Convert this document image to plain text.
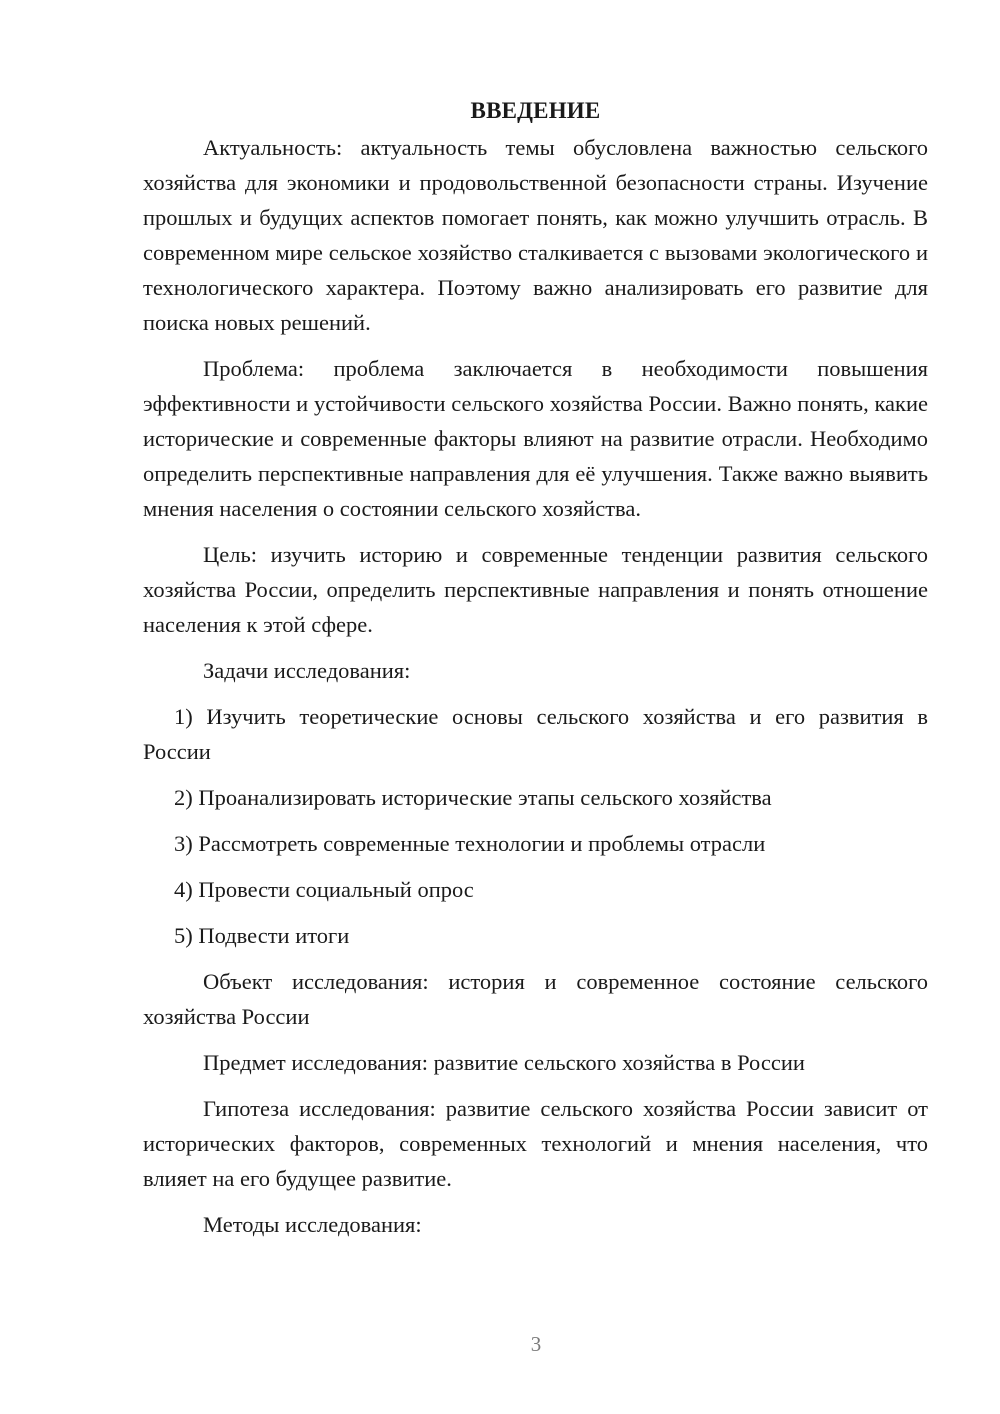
ВВЕДЕНИЕ

Актуальность: актуальность темы обусловлена важностью сельского хозяйства для экономики и продовольственной безопасности страны. Изучение прошлых и будущих аспектов помогает понять, как можно улучшить отрасль. В современном мире сельское хозяйство сталкивается с вызовами экологического и технологического характера. Поэтому важно анализировать его развитие для поиска новых решений.

Проблема: проблема заключается в необходимости повышения эффективности и устойчивости сельского хозяйства России. Важно понять, какие исторические и современные факторы влияют на развитие отрасли. Необходимо определить перспективные направления для её улучшения. Также важно выявить мнения населения о состоянии сельского хозяйства.

Цель: изучить историю и современные тенденции развития сельского хозяйства России, определить перспективные направления и понять отношение населения к этой сфере.

Задачи исследования:

1) Изучить теоретические основы сельского хозяйства и его развития в России

2) Проанализировать исторические этапы сельского хозяйства

3) Рассмотреть современные технологии и проблемы отрасли

4) Провести социальный опрос

5) Подвести итоги

Объект исследования: история и современное состояние сельского хозяйства России

Предмет исследования: развитие сельского хозяйства в России

Гипотеза исследования: развитие сельского хозяйства России зависит от исторических факторов, современных технологий и мнения населения, что влияет на его будущее развитие.

Методы исследования:

3
